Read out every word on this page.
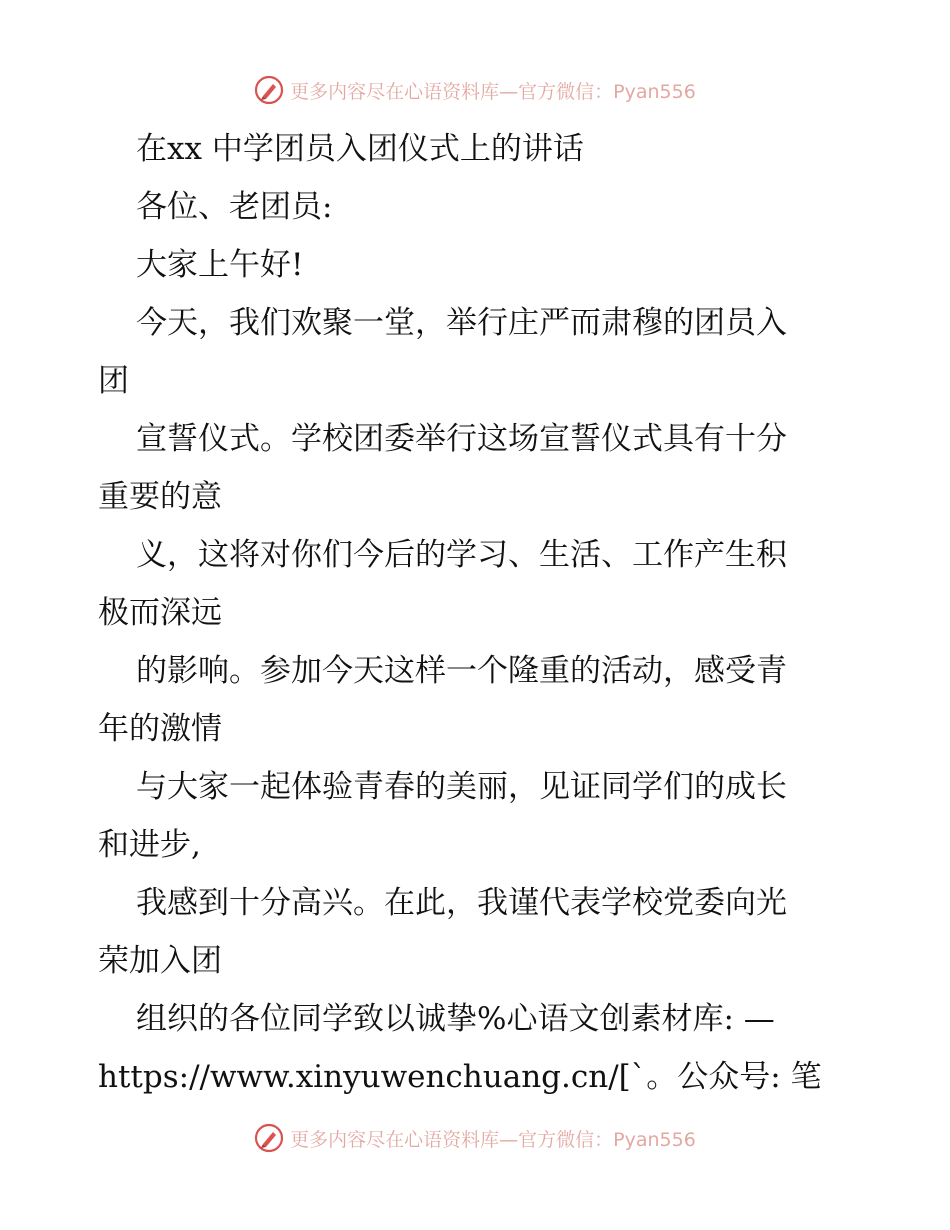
更多内容尽在心语资料库—官方微信：Pyan556
在xx 中学团员入团仪式上的讲话
各位、老团员:
大家上午好!
今天，我们欢聚一堂，举行庄严而肃穆的团员入
团
宣誓仪式。学校团委举行这场宣誓仪式具有十分
重要的意
义，这将对你们今后的学习、生活、工作产生积
极而深远
的影响。参加今天这样一个隆重的活动，感受青
年的激情
与大家一起体验青春的美丽，见证同学们的成长
和进步,
我感到十分高兴。在此，我谨代表学校党委向光
荣加入团
组织的各位同学致以诚挚%心语文创素材库: —
https://www.xinyuwenchuang.cn/[`。公众号: 笔
更多内容尽在心语资料库—官方微信：Pyan556
